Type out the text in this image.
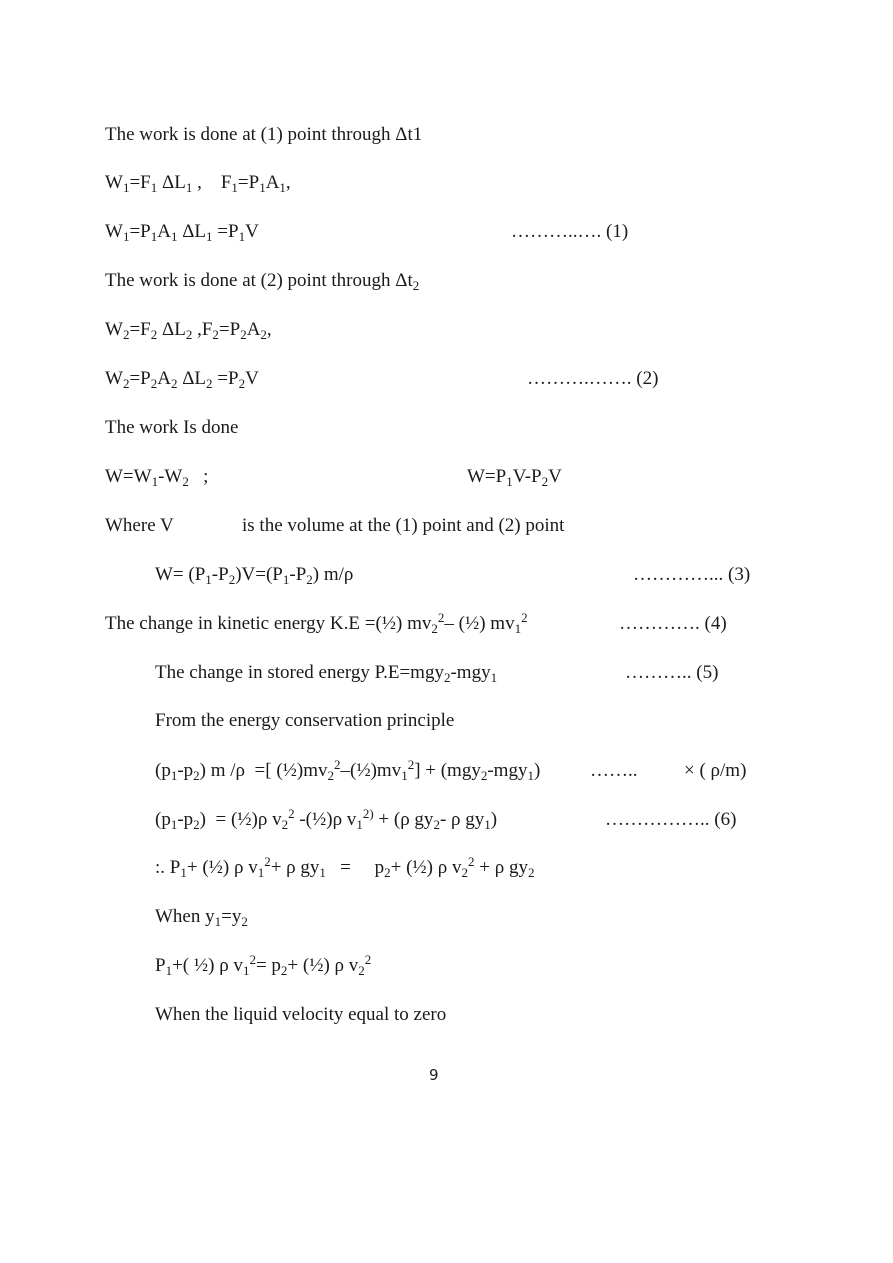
The work is done at (1) point through Δt1
$W_1=F_1$ $\Delta L_1$ ,    $F_1=P_1A_1$,
$W_1=P_1A_1$ $\Delta L_1 =P_1V$	………..…. (1)
The work is done at (2) point through $\Delta t_2$
$W_2=F_2$ $\Delta L_2$ $,F_2=P_2A_2$,
$W_2=P_2A_2$ $\Delta L_2 =P_2V$	……….……. (2)
The work Is done
$W=W_1-W_2$   ;	$W=P_1V-P_2V$
Where V	is the volume at the (1) point and (2) point
$W= (P_1-P_2)V=(P_1-P_2)$ m/ρ	…………... (3)
The change in kinetic energy K.E =(½) $mv_2^2-$ (½) $mv_1^2$	…………. (4)
The change in stored energy P.E=mgy$_2$-mgy$_1$	……….. (5)
From the energy conservation principle
$(p_1-p_2)$ m /ρ  =[ $(\frac{1}{2})mv_2^2-(\frac{1}{2})mv_1^2] + (mgy_2-mgy_1)$	…….. × ( ρ/m)
$(p_1-p_2)$  = (½)ρ $v_2^2$ -(½)ρ $v_1^{2)} + (\rho$ $gy_2-$ ρ $gy_1$)	…………….. (6)
:. $P_1+$ (½) ρ $v_1^2+ \rho$ $gy_1$   =     $p_2+$ (½) ρ $v_2^2 + \rho$ $gy_2$
When $y_1=y_2$
$P_1+$( ½) ρ $v_1^2= p_2+$ (½) ρ $v_2^2$
When the liquid velocity equal to zero
9
